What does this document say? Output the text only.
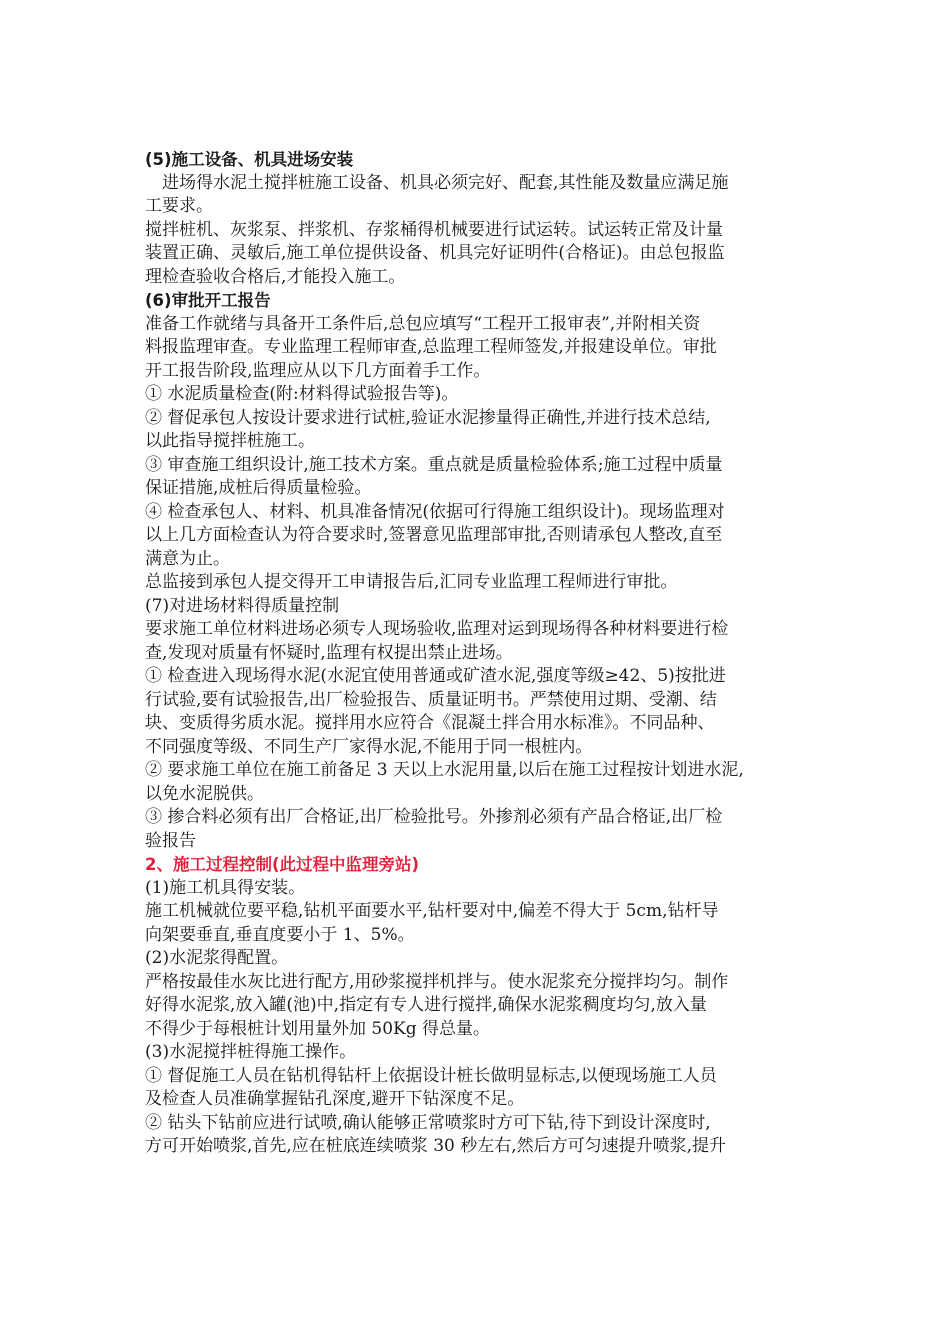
(5)施工设备、机具进场安装
进场得水泥土搅拌桩施工设备、机具必须完好、配套,其性能及数量应满足施
工要求。
搅拌桩机、灰浆泵、拌浆机、存浆桶得机械要进行试运转。试运转正常及计量
装置正确、灵敏后,施工单位提供设备、机具完好证明件(合格证)。由总包报监
理检查验收合格后,才能投入施工。
(6)审批开工报告
准备工作就绪与具备开工条件后,总包应填写“工程开工报审表”,并附相关资
料报监理审查。专业监理工程师审查,总监理工程师签发,并报建设单位。审批
开工报告阶段,监理应从以下几方面着手工作。
① 水泥质量检查(附:材料得试验报告等)。
② 督促承包人按设计要求进行试桩,验证水泥掺量得正确性,并进行技术总结,
以此指导搅拌桩施工。
③ 审查施工组织设计,施工技术方案。重点就是质量检验体系;施工过程中质量
保证措施,成桩后得质量检验。
④ 检查承包人、材料、机具准备情况(依据可行得施工组织设计)。现场监理对
以上几方面检查认为符合要求时,签署意见监理部审批,否则请承包人整改,直至
满意为止。
总监接到承包人提交得开工申请报告后,汇同专业监理工程师进行审批。
(7)对进场材料得质量控制
要求施工单位材料进场必须专人现场验收,监理对运到现场得各种材料要进行检
查,发现对质量有怀疑时,监理有权提出禁止进场。
① 检查进入现场得水泥(水泥宜使用普通或矿渣水泥,强度等级≥42、5)按批进
行试验,要有试验报告,出厂检验报告、质量证明书。严禁使用过期、受潮、结
块、变质得劣质水泥。搅拌用水应符合《混凝土拌合用水标准》。不同品种、
不同强度等级、不同生产厂家得水泥,不能用于同一根桩内。
② 要求施工单位在施工前备足 3 天以上水泥用量,以后在施工过程按计划进水泥,
以免水泥脱供。
③ 掺合料必须有出厂合格证,出厂检验批号。外掺剂必须有产品合格证,出厂检
验报告
2、施工过程控制(此过程中监理旁站)
(1)施工机具得安装。
施工机械就位要平稳,钻机平面要水平,钻杆要对中,偏差不得大于 5cm,钻杆导
向架要垂直,垂直度要小于 1、5%。
(2)水泥浆得配置。
严格按最佳水灰比进行配方,用砂浆搅拌机拌与。使水泥浆充分搅拌均匀。制作
好得水泥浆,放入罐(池)中,指定有专人进行搅拌,确保水泥浆稠度均匀,放入量
不得少于每根桩计划用量外加 50Kg 得总量。
(3)水泥搅拌桩得施工操作。
① 督促施工人员在钻机得钻杆上依据设计桩长做明显标志,以便现场施工人员
及检查人员准确掌握钻孔深度,避开下钻深度不足。
② 钻头下钻前应进行试喷,确认能够正常喷浆时方可下钻,待下到设计深度时,
方可开始喷浆,首先,应在桩底连续喷浆 30 秒左右,然后方可匀速提升喷浆,提升
